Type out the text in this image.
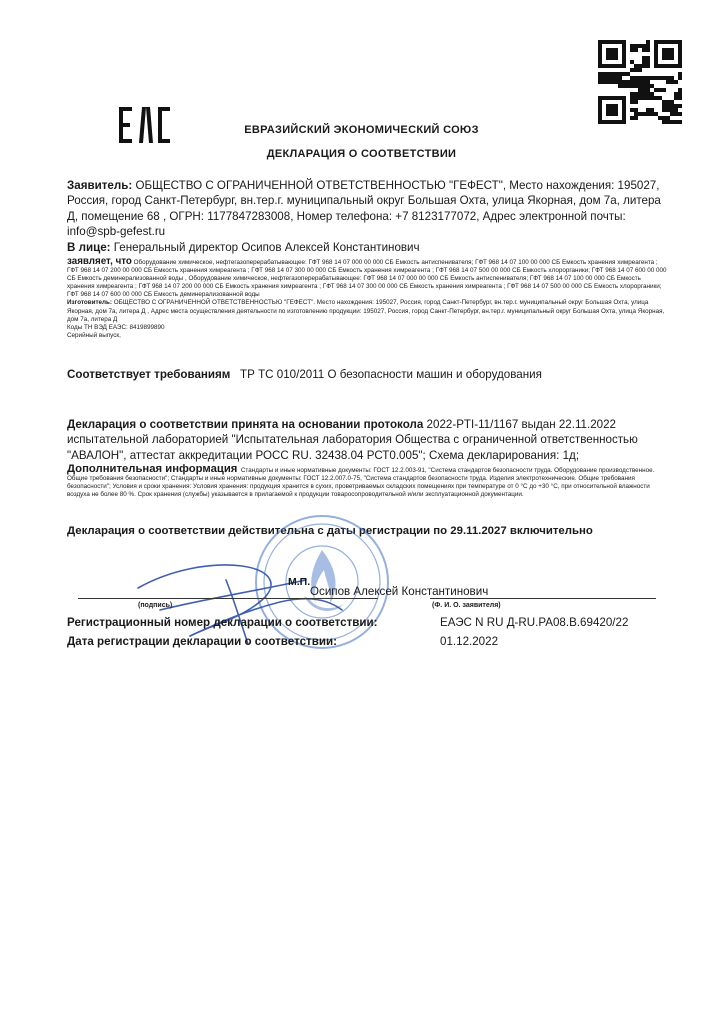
ЕВРАЗИЙСКИЙ ЭКОНОМИЧЕСКИЙ СОЮЗ
ДЕКЛАРАЦИЯ О СООТВЕТСТВИИ
Заявитель: ОБЩЕСТВО С ОГРАНИЧЕННОЙ ОТВЕТСТВЕННОСТЬЮ "ГЕФЕСТ", Место нахождения: 195027, Россия, город Санкт-Петербург, вн.тер.г. муниципальный округ Большая Охта, улица Якорная, дом 7а, литера Д, помещение 68 , ОГРН: 1177847283008, Номер телефона: +7 8123177072, Адрес электронной почты: info@spb-gefest.ru
В лице: Генеральный директор Осипов Алексей Константинович
заявляет, что Оборудование химическое, нефтегазоперерабатывающее: ГФТ 968 14 07 000 00 000 СБ Емкость антиспенивателя; ГФТ 968 14 07 100 00 000 СБ Емкость хранения химреагента ; ГФТ 968 14 07 200 00 000 СБ Емкость хранения химреагента ; ГФТ 968 14 07 300 00 000 СБ Емкость хранения химреагента ; ГФТ 968 14 07 500 00 000 СБ Емкость хлорорганики; ГФТ 968 14 07 600 00 000 СБ Емкость деминерализованной воды , Оборудование химическое, нефтегазоперерабатывающее: ГФТ 968 14 07 000 00 000 СБ Емкость антиспенивателя; ГФТ 968 14 07 100 00 000 СБ Емкость хранения химреагента ; ГФТ 968 14 07 200 00 000 СБ Емкость хранения химреагента ; ГФТ 968 14 07 300 00 000 СБ Емкость хранения химреагента ; ГФТ 968 14 07 500 00 000 СБ Емкость хлорорганики; ГФТ 968 14 07 600 00 000 СБ Емкость деминерализованной воды
Изготовитель: ОБЩЕСТВО С ОГРАНИЧЕННОЙ ОТВЕТСТВЕННОСТЬЮ "ГЕФЕСТ". Место нахождения: 195027, Россия, город Санкт-Петербург, вн.тер.г. муниципальный округ Большая Охта, улица Якорная, дом 7а, литера Д , Адрес места осуществления деятельности по изготовлению продукции: 195027, Россия, город Санкт-Петербург, вн.тер.г. муниципальный округ Большая Охта, улица Якорная, дом 7а, литера Д
Коды ТН ВЭД ЕАЭС: 8419899890
Серийный выпуск,
Соответствует требованиям ТР ТС 010/2011 О безопасности машин и оборудования
Декларация о соответствии принята на основании протокола 2022-PTI-11/1167 выдан 22.11.2022 испытательной лабораторией "Испытательная лаборатория Общества с ограниченной ответственностью "АВАЛОН", аттестат аккредитации РОСС RU. 32438.04 РСТ0.005"; Схема декларирования: 1д;
Дополнительная информация Стандарты и иные нормативные документы: ГОСТ 12.2.003-91, "Система стандартов безопасности труда. Оборудование производственное. Общие требования безопасности"; Стандарты и иные нормативные документы: ГОСТ 12.2.007.0-75, "Система стандартов безопасности труда. Изделия электротехнические. Общие требования безопасности"; Условия и сроки хранения: Условия хранения: продукция хранится в сухих, проветриваемых складских помещениях при температуре от 0 °С до +30 °С, при относительной влажности воздуха не более 80 %. Срок хранения (службы) указывается в прилагаемой к продукции товаросопроводительной и/или эксплуатационной документации.
Декларация о соответствии действительна с даты регистрации по 29.11.2027 включительно
М.П.
Осипов Алексей Константинович
(подпись)	(Ф. И. О. заявителя)
Регистрационный номер декларации о соответствии:	ЕАЭС N RU Д-RU.PA08.B.69420/22
Дата регистрации декларации о соответствии:	01.12.2022
